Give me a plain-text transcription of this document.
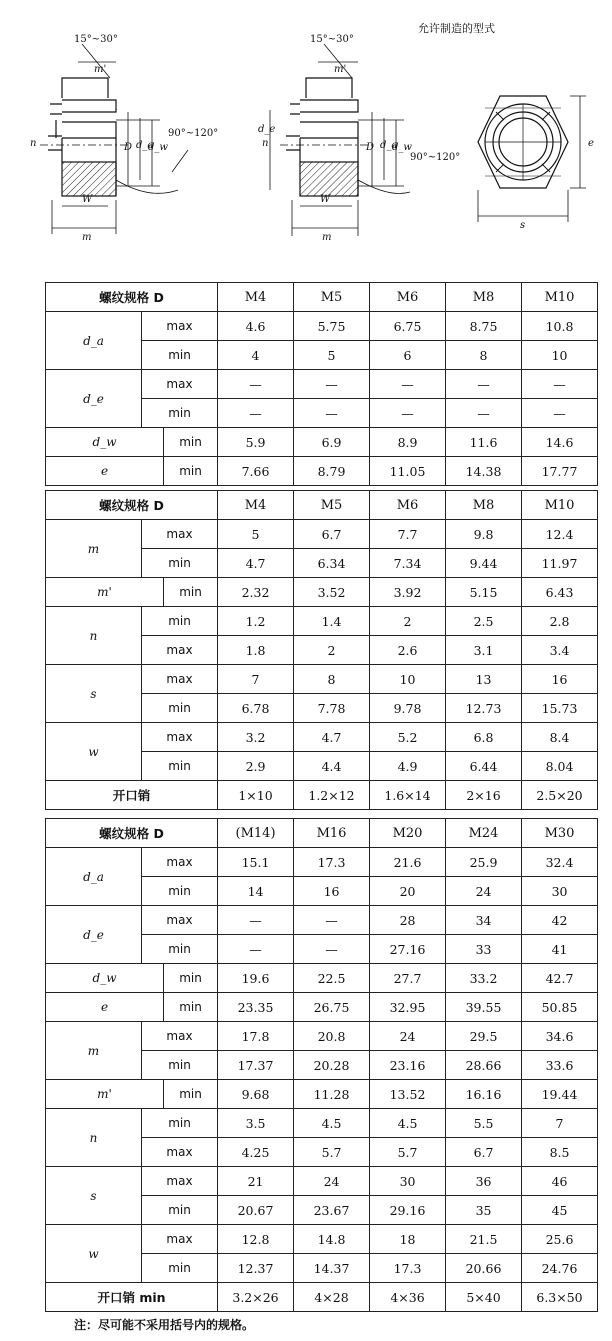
允许制造的型式
15°~30°	15°~30°
m'	m'
n	n
D	D
d_a	d_a
d_w	d_w
90°~120°
90°~120°
W	W
m	m
d_e
e
s
螺纹规格 D			M4	M5	M6	M8	M10	
d_a	max		4.6	5.75	6.75	8.75	10.8	
	min		4	5	6	8	10	
d_e	max		—	—	—	—	—	
	min		—	—	—	—	—	
d_w		min	5.9	6.9	8.9	11.6	14.6	
e		min	7.66	8.79	11.05	14.38	17.77	
螺纹规格 D			M4	M5	M6	M8	M10	
m	max		5	6.7	7.7	9.8	12.4	
	min		4.7	6.34	7.34	9.44	11.97	
m'		min	2.32	3.52	3.92	5.15	6.43	
n	min		1.2	1.4	2	2.5	2.8	
	max		1.8	2	2.6	3.1	3.4	
s	max		7	8	10	13	16	
	min		6.78	7.78	9.78	12.73	15.73	
w	max		3.2	4.7	5.2	6.8	8.4	
	min		2.9	4.4	4.9	6.44	8.04	
开口销			1×10	1.2×12	1.6×14	2×16	2.5×20	
螺纹规格 D			(M14)	M16	M20	M24	M30	
d_a	max		15.1	17.3	21.6	25.9	32.4	
	min		14	16	20	24	30	
d_e	max		—	—	28	34	42	
	min		—	—	27.16	33	41	
d_w		min	19.6	22.5	27.7	33.2	42.7	
e		min	23.35	26.75	32.95	39.55	50.85	
m	max		17.8	20.8	24	29.5	34.6	
	min		17.37	20.28	23.16	28.66	33.6	
m'		min	9.68	11.28	13.52	16.16	19.44	
n	min		3.5	4.5	4.5	5.5	7	
	max		4.25	5.7	5.7	6.7	8.5	
s	max		21	24	30	36	46	
	min		20.67	23.67	29.16	35	45	
w	max		12.8	14.8	18	21.5	25.6	
	min		12.37	14.37	17.3	20.66	24.76	
开口销 min			3.2×26	4×28	4×36	5×40	6.3×50	
注：尽可能不采用括号内的规格。
